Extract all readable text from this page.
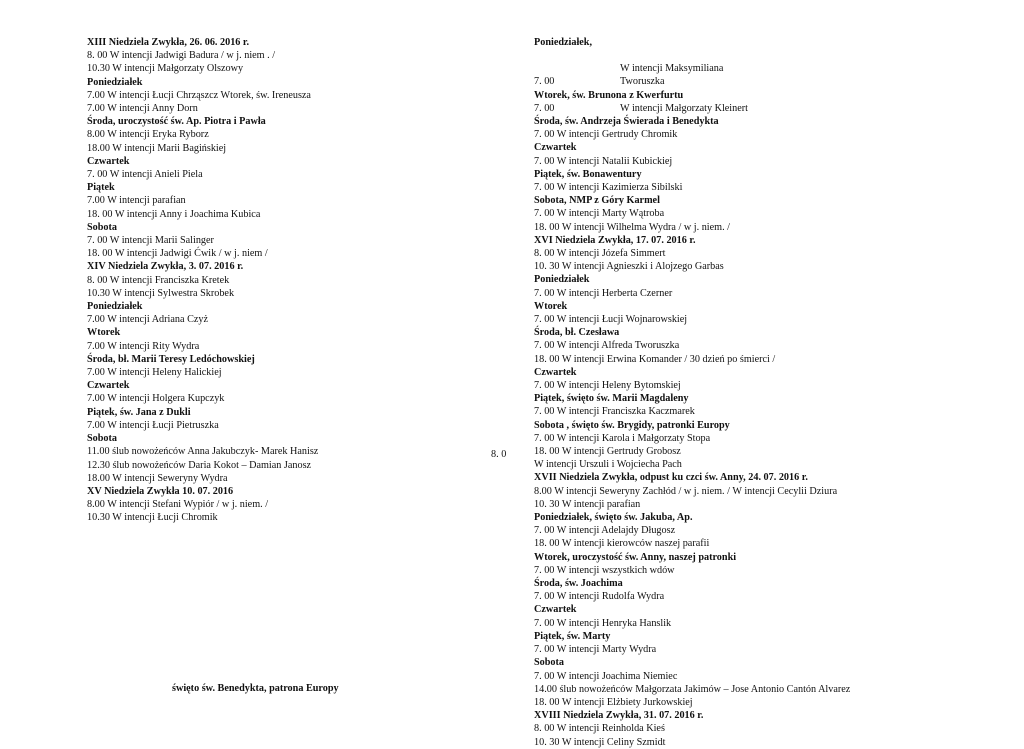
XIII Niedziela Zwykła, 26. 06. 2016 r.
8. 00 W intencji Jadwigi Badura / w j. niem . /
10.30 W intencji Małgorzaty Olszowy
Poniedziałek
7.00 W intencji Łucji Chrząszcz Wtorek, św. Ireneusza
7.00 W intencji Anny Dorn
Środa, uroczystość św. Ap. Piotra i Pawła
8.00 W intencji Eryka Ryborz
18.00 W intencji Marii Bagińskiej
Czwartek
7. 00 W intencji Anieli Piela
Piątek
7.00 W intencji parafian
18. 00 W intencji Anny i Joachima Kubica
Sobota
7. 00 W intencji Marii Salinger
18. 00 W intencji Jadwigi Ćwik / w j. niem /
XIV Niedziela Zwykła, 3. 07. 2016 r.
8. 00 W intencji Franciszka Kretek
10.30 W intencji Sylwestra Skrobek
Poniedziałek
7.00 W intencji Adriana Czyż
Wtorek
7.00 W intencji Rity Wydra
Środa, bł. Marii Teresy Ledóchowskiej
7.00 W intencji Heleny Halickiej
Czwartek
7.00 W intencji Holgera Kupczyk
Piątek, św. Jana z Dukli
7.00 W intencji Łucji Pietruszka
Sobota
11.00 ślub nowożeńców Anna Jakubczyk- Marek Hanisz
12.30 ślub nowożeńców Daria Kokot – Damian Janosz
18.00 W intencji Seweryny Wydra
XV Niedziela Zwykła 10. 07. 2016
8.00 W intencji Stefani Wypiór / w j. niem. /
10.30 W intencji Łucji Chromik
Poniedziałek,
W intencji Maksymiliana
7. 00	Tworuszka
Wtorek, św. Brunona z Kwerfurtu
7. 00	W intencji Małgorzaty Kleinert
Środa, św. Andrzeja Świerada i Benedykta
7. 00 W intencji Gertrudy Chromik
Czwartek
7. 00 W intencji Natalii Kubickiej
Piątek, św. Bonawentury
7. 00 W intencji Kazimierza Sibilski
Sobota, NMP z Góry Karmel
7. 00 W intencji Marty Wątroba
18. 00 W intencji Wilhelma Wydra / w j. niem. /
XVI Niedziela Zwykła, 17. 07. 2016 r.
8. 00 W intencji Józefa Simmert
10. 30 W intencji Agnieszki i Alojzego Garbas
Poniedziałek
7. 00 W intencji Herberta Czerner
Wtorek
7. 00 W intencji Łucji Wojnarowskiej
Środa, bł. Czesława
7. 00 W intencji Alfreda Tworuszka
18. 00 W intencji Erwina Komander / 30 dzień po śmierci /
Czwartek
7. 00 W intencji Heleny Bytomskiej
Piątek, święto św. Marii Magdaleny
7. 00 W intencji Franciszka Kaczmarek
Sobota , święto św. Brygidy, patronki Europy
7. 00 W intencji Karola i Małgorzaty Stopa
18. 00 W intencji Gertrudy Grobosz
W intencji Urszuli i Wojciecha Pach
XVII Niedziela Zwykła, odpust ku czci św. Anny, 24. 07. 2016 r.
8.00 W intencji Seweryny Zachłód / w j. niem. / W intencji Cecylii Dziura
10. 30 W intencji parafian
Poniedziałek, święto św. Jakuba, Ap.
7. 00 W intencji Adelajdy Długosz
18. 00 W intencji kierowców naszej parafii
Wtorek, uroczystość św. Anny, naszej patronki
7. 00 W intencji wszystkich wdów
Środa, św. Joachima
7. 00 W intencji Rudolfa Wydra
Czwartek
7. 00 W intencji Henryka Hanslik
Piątek, św. Marty
7. 00 W intencji Marty Wydra
Sobota
7. 00 W intencji Joachima Niemiec
14.00 ślub nowożeńców Małgorzata Jakimów – Jose Antonio Cantón Alvarez
18. 00 W intencji Elżbiety Jurkowskiej
XVIII Niedziela Zwykła, 31. 07. 2016 r.
8. 00 W intencji Reinholda Kieś
10. 30 W intencji Celiny Szmidt
8. 0
święto św. Benedykta, patrona Europy
